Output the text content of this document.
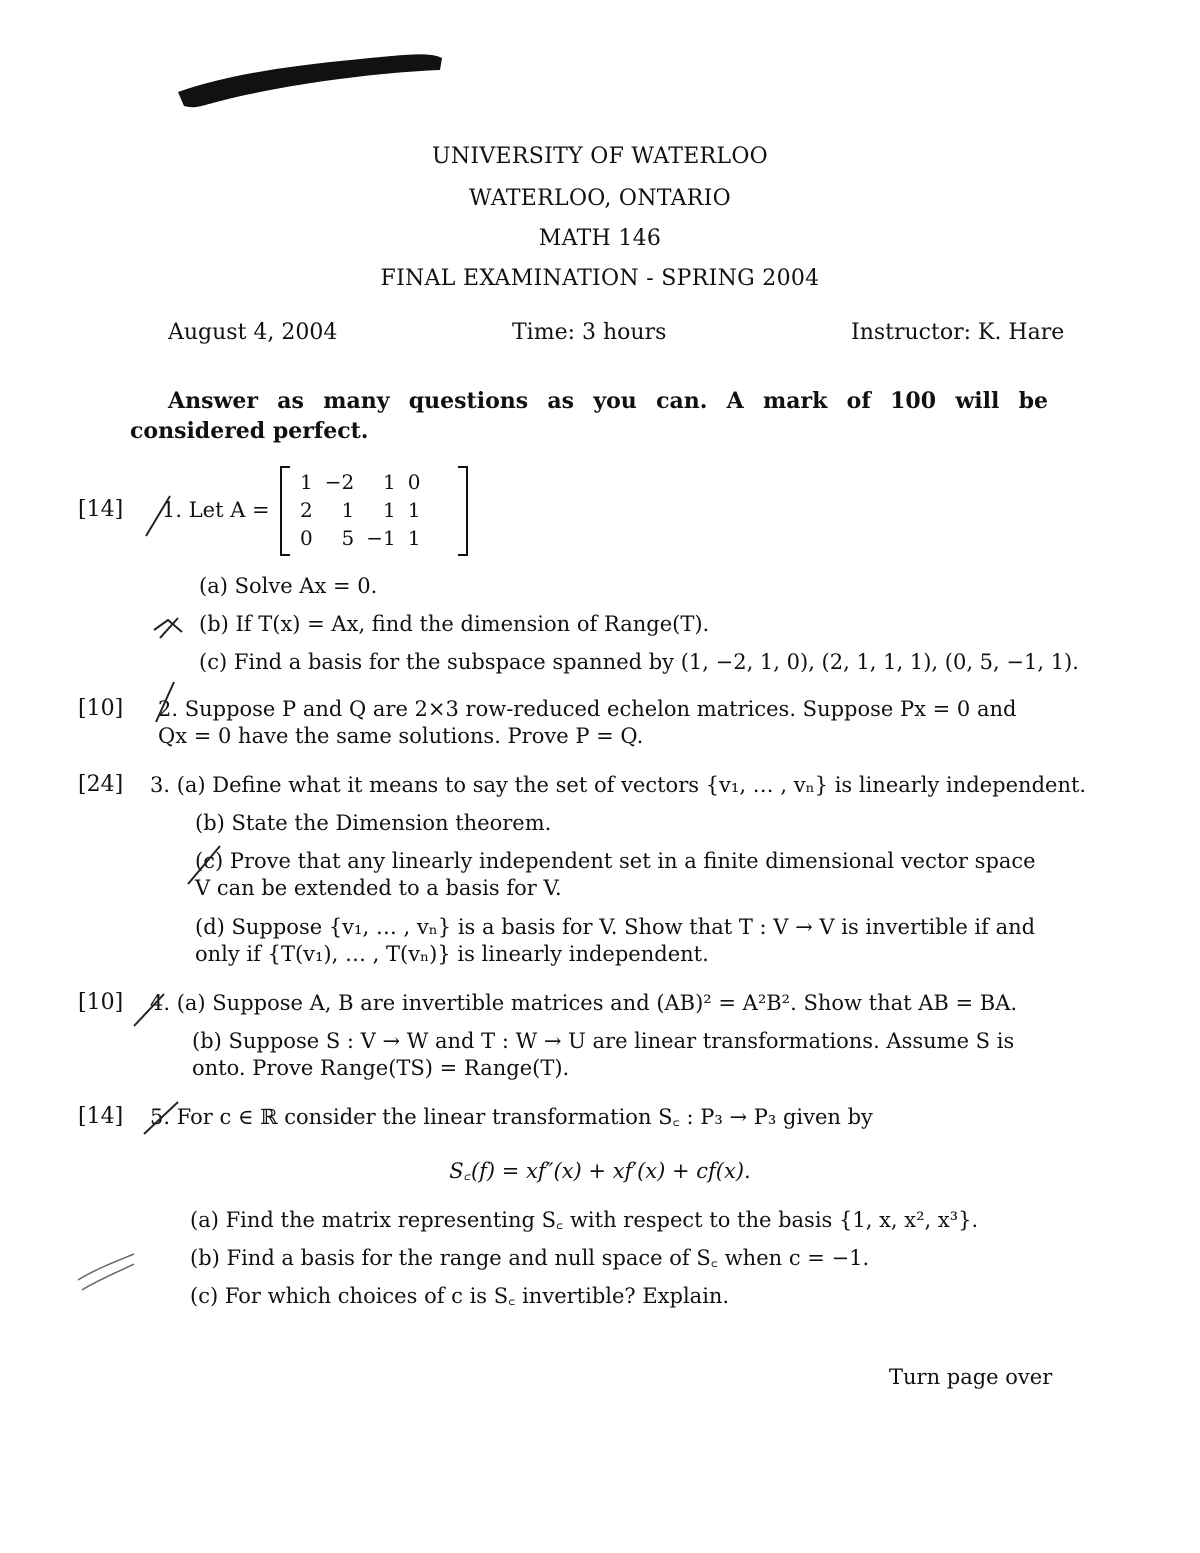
UNIVERSITY OF WATERLOO
WATERLOO, ONTARIO
MATH 146
FINAL EXAMINATION - SPRING 2004
August 4, 2004	Time: 3 hours	Instructor: K. Hare
Answer as many questions as you can. A mark of 100 will be considered perfect.
[14] 1. Let A =
1	−2	1	0
2	1	1	1
0	5	−1	1
(a) Solve Ax = 0.
(b) If T(x) = Ax, find the dimension of Range(T).
(c) Find a basis for the subspace spanned by (1, −2, 1, 0), (2, 1, 1, 1), (0, 5, −1, 1).
[10] 2. Suppose P and Q are 2×3 row-reduced echelon matrices. Suppose Px = 0 and Qx = 0 have the same solutions. Prove P = Q.
[24] 3. (a) Define what it means to say the set of vectors {v₁, … , vₙ} is linearly independent.
(b) State the Dimension theorem.
(c) Prove that any linearly independent set in a finite dimensional vector space V can be extended to a basis for V.
(d) Suppose {v₁, … , vₙ} is a basis for V. Show that T : V → V is invertible if and only if {T(v₁), … , T(vₙ)} is linearly independent.
[10] 4. (a) Suppose A, B are invertible matrices and (AB)² = A²B². Show that AB = BA.
(b) Suppose S : V → W and T : W → U are linear transformations. Assume S is onto. Prove Range(TS) = Range(T).
[14] 5. For c ∈ ℝ consider the linear transformation S꜀ : P₃ → P₃ given by
S꜀(f) = xf″(x) + xf′(x) + cf(x).
(a) Find the matrix representing S꜀ with respect to the basis {1, x, x², x³}.
(b) Find a basis for the range and null space of S꜀ when c = −1.
(c) For which choices of c is S꜀ invertible? Explain.
Turn page over
